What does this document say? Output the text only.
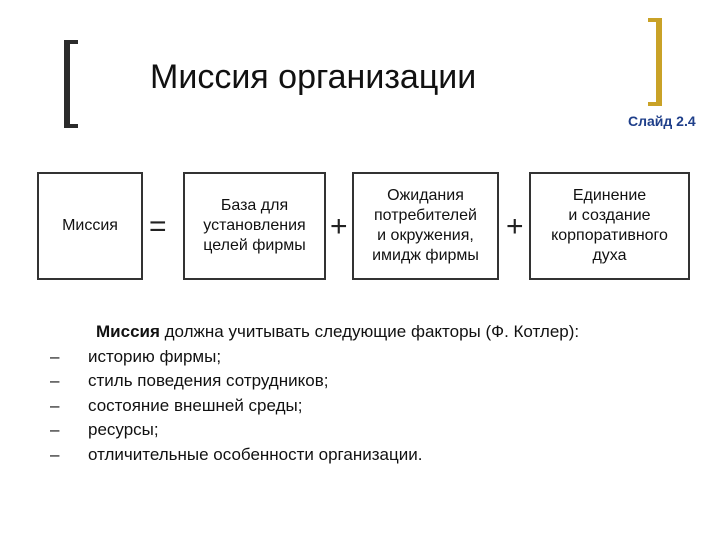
Миссия организации
Слайд 2.4
Миссия =
База для
установления
целей фирмы
+
Ожидания
потребителей
и окружения,
имидж фирмы
+
Единение
и создание
корпоративного
духа
Миссия должна учитывать следующие факторы (Ф. Котлер):
– историю фирмы;
– стиль поведения сотрудников;
– состояние внешней среды;
– ресурсы;
– отличительные особенности организации.
